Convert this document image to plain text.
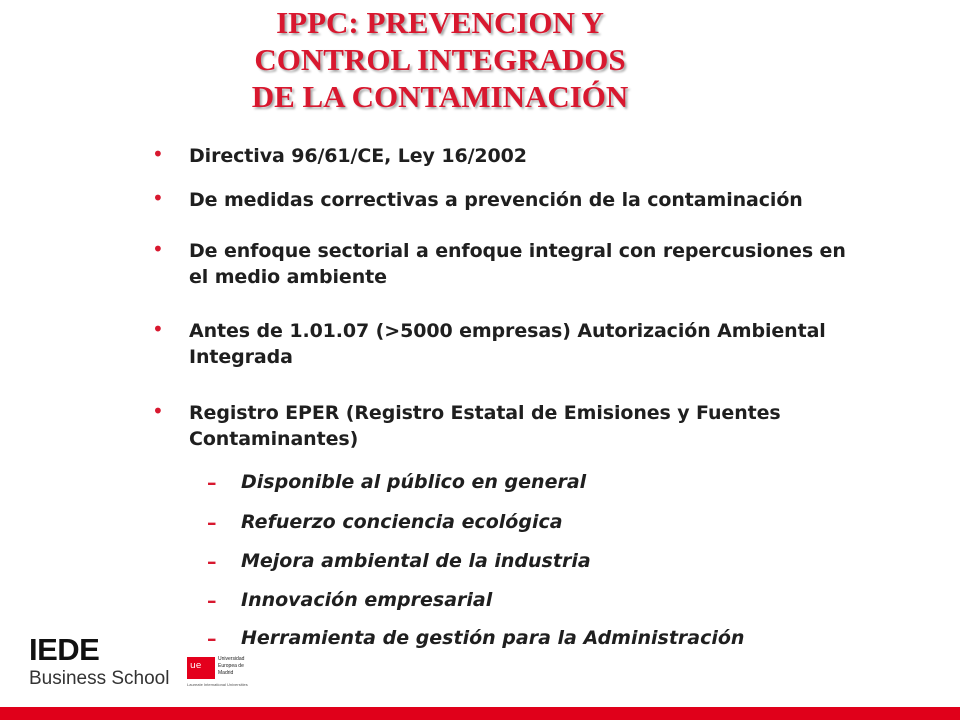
IPPC: PREVENCION Y
CONTROL INTEGRADOS
DE LA CONTAMINACIÓN
• Directiva 96/61/CE, Ley 16/2002
• De medidas correctivas a prevención de la contaminación
• De enfoque sectorial a enfoque integral con repercusiones en
el medio ambiente
• Antes de 1.01.07 (>5000 empresas) Autorización Ambiental
Integrada
• Registro EPER (Registro Estatal de Emisiones y Fuentes
Contaminantes)
– Disponible al público en general
– Refuerzo conciencia ecológica
– Mejora ambiental de la industria
– Innovación empresarial
– Herramienta de gestión para la Administración
IEDE
Business School
ue
Universidad Europea de Madrid
Laureate International Universities
